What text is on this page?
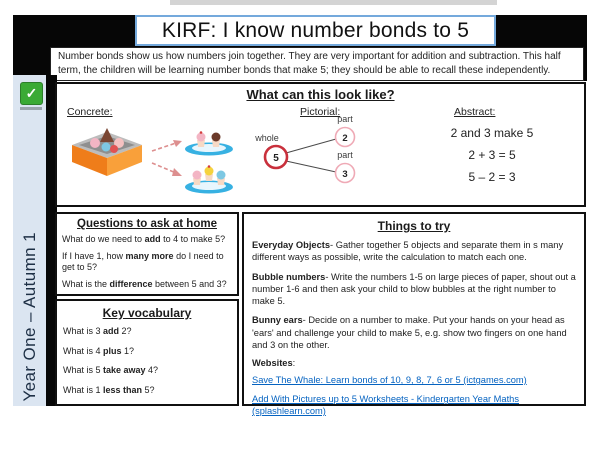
KIRF: I know number bonds to 5
Number bonds show us how numbers join together. They are very important for addition and subtraction. This half term, the children will be learning number bonds that make 5; they should be able to recall these independently.
Year One – Autumn 1
✓	What can this look like?
Concrete:	Pictorial:	Abstract:
whole
5
part
2
part
3
2 and 3 make 5
2 + 3 = 5
5 – 2 = 3
Questions to ask at home
What do we need to add to 4 to make 5?
If I have 1, how many more do I need to get to 5?
What is the difference between 5 and 3?
Key vocabulary
What is 3 add 2?
What is 4 plus 1?
What is 5 take away 4?
What is 1 less than 5?
Things to try
Everyday Objects- Gather together 5 objects and separate them in s many different ways as possible, write the calculation to match each one.
Bubble numbers- Write the numbers 1-5 on large pieces of paper, shout out a number 1-6 and then ask your child to blow bubbles at the right number to make 5.
Bunny ears- Decide on a number to make. Put your hands on your head as 'ears' and challenge your child to make 5, e.g. show two fingers on one hand and 3 on the other.
Websites:
Save The Whale: Learn bonds of 10, 9, 8, 7, 6 or 5 (ictgames.com)
Add With Pictures up to 5 Worksheets - Kindergarten Year Maths (splashlearn.com)
